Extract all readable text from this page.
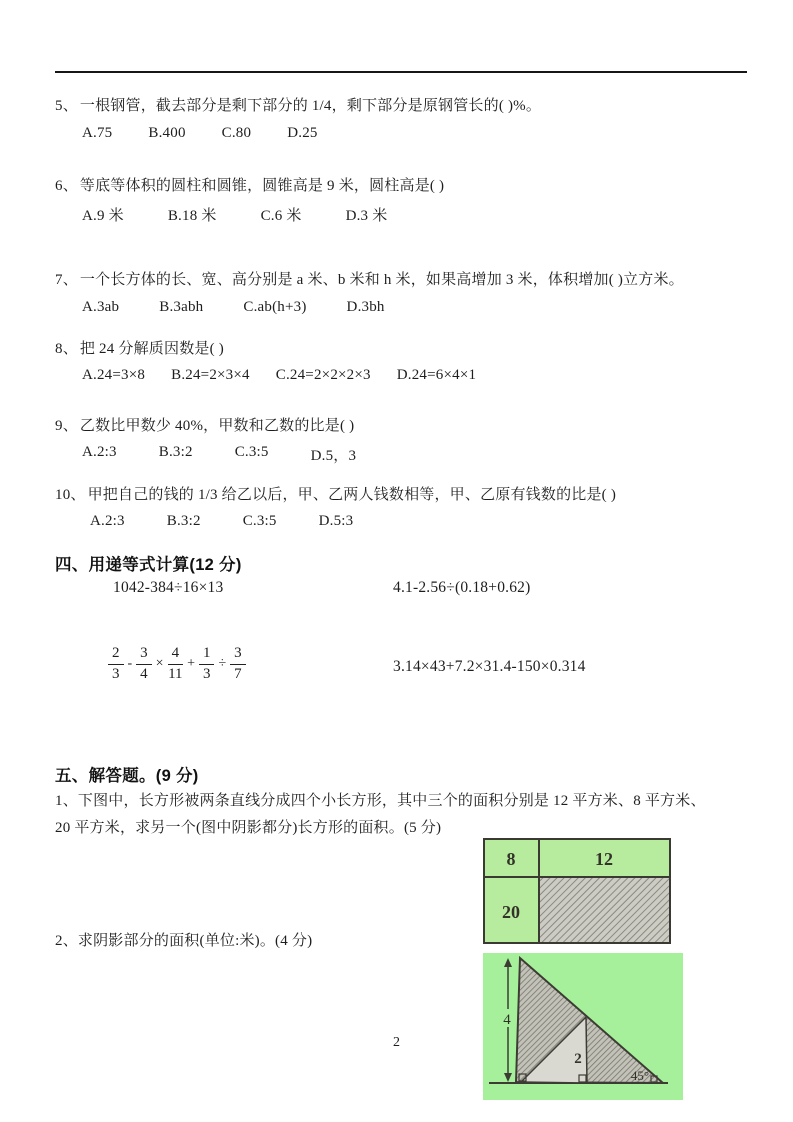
5、 一根钢管，截去部分是剩下部分的 1/4，剩下部分是原钢管长的( )%。
A.75 B.400 C.80 D.25
6、 等底等体积的圆柱和圆锥，圆锥高是 9 米，圆柱高是( )
A.9 米	B.18 米	C.6 米	D.3 米
7、 一个长方体的长、宽、高分别是 a 米、b 米和 h 米，如果高增加 3 米，体积增加( )立方米。
A.3ab	B.3abh	C.ab(h+3)	D.3bh
8、 把 24 分解质因数是( )
A.24=3×8 B.24=2×3×4 C.24=2×2×2×3 D.24=6×4×1
9、 乙数比甲数少 40%，甲数和乙数的比是( )
A.2:3	B.3:2	C.3:5	D.5，3
10、 甲把自己的钱的 1/3 给乙以后，甲、乙两人钱数相等，甲、乙原有钱数的比是( )
A.2:3	B.3:2	C.3:5	D.5:3
四、用递等式计算(12 分)
1042-384÷16×13	4.1-2.56÷(0.18+0.62)
$\frac{2}{3} - \frac{3}{4} \times \frac{4}{11} + \frac{1}{3} \div \frac{3}{7}$	3.14×43+7.2×31.4-150×0.314
五、解答题。(9 分)
1、下图中，长方形被两条直线分成四个小长方形，其中三个的面积分别是 12 平方米、8 平方米、
20 平方米，求另一个(图中阴影都分)长方形的面积。(5 分)
8	12
20
2、求阴影部分的面积(单位:米)。(4 分)
4
2
45°
2
